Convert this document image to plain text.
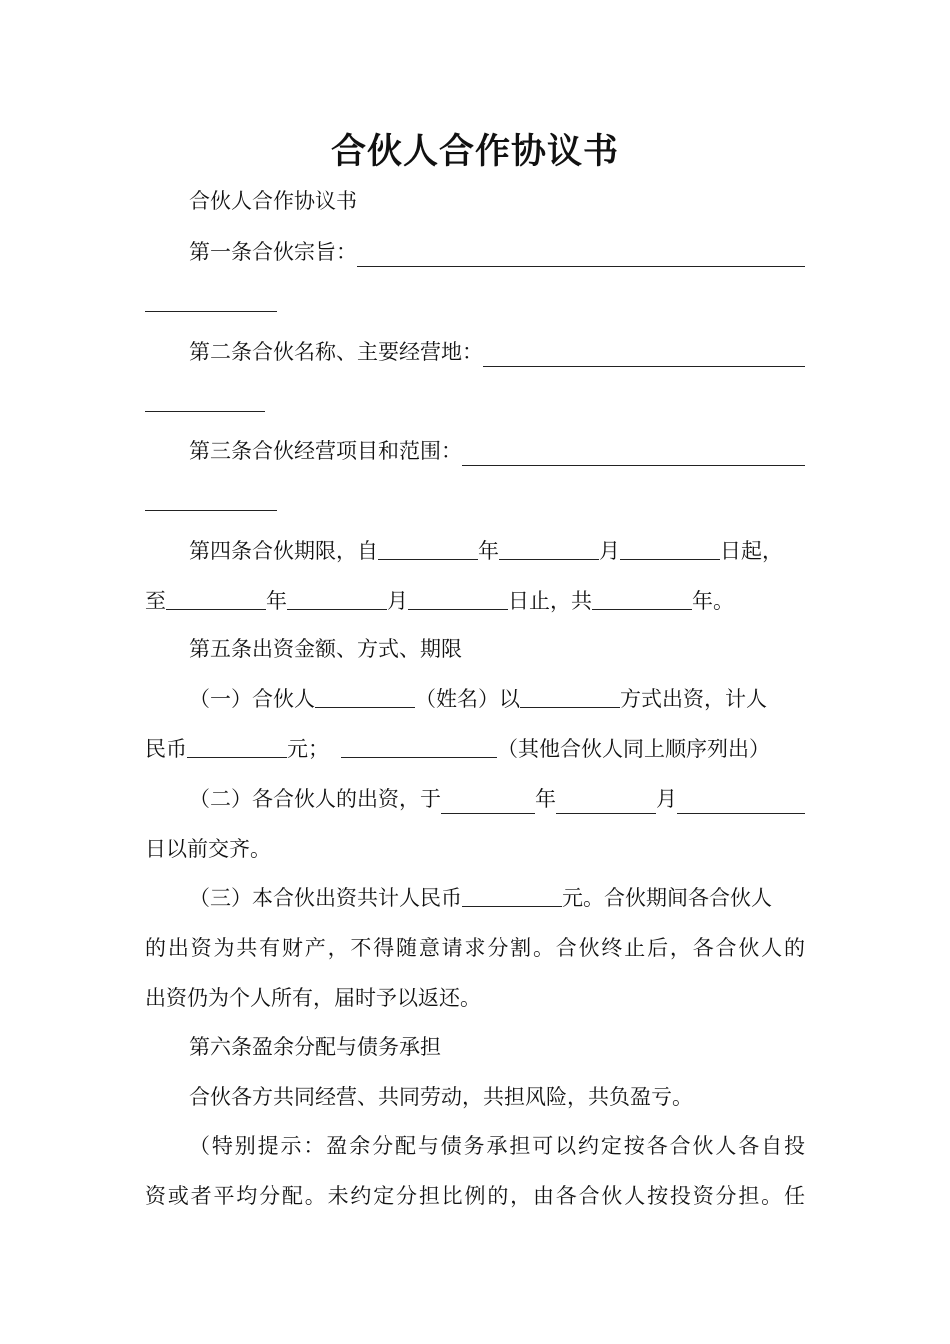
合伙人合作协议书
合伙人合作协议书
第一条合伙宗旨：
第二条合伙名称、主要经营地：
第三条合伙经营项目和范围：
第四条合伙期限，自	年	月	日起，
至	年	月	日止，共	年。
第五条出资金额、方式、期限
（一）合伙人	（姓名）以	方式出资，计人
民币	元；	（其他合伙人同上顺序列出）
（二）各合伙人的出资，于	年	月
日以前交齐。
（三）本合伙出资共计人民币	元。合伙期间各合伙人
的出资为共有财产，不得随意请求分割。合伙终止后，各合伙人的
出资仍为个人所有，届时予以返还。
第六条盈余分配与债务承担
合伙各方共同经营、共同劳动，共担风险，共负盈亏。
（特别提示：盈余分配与债务承担可以约定按各合伙人各自投
资或者平均分配。未约定分担比例的，由各合伙人按投资分担。任
